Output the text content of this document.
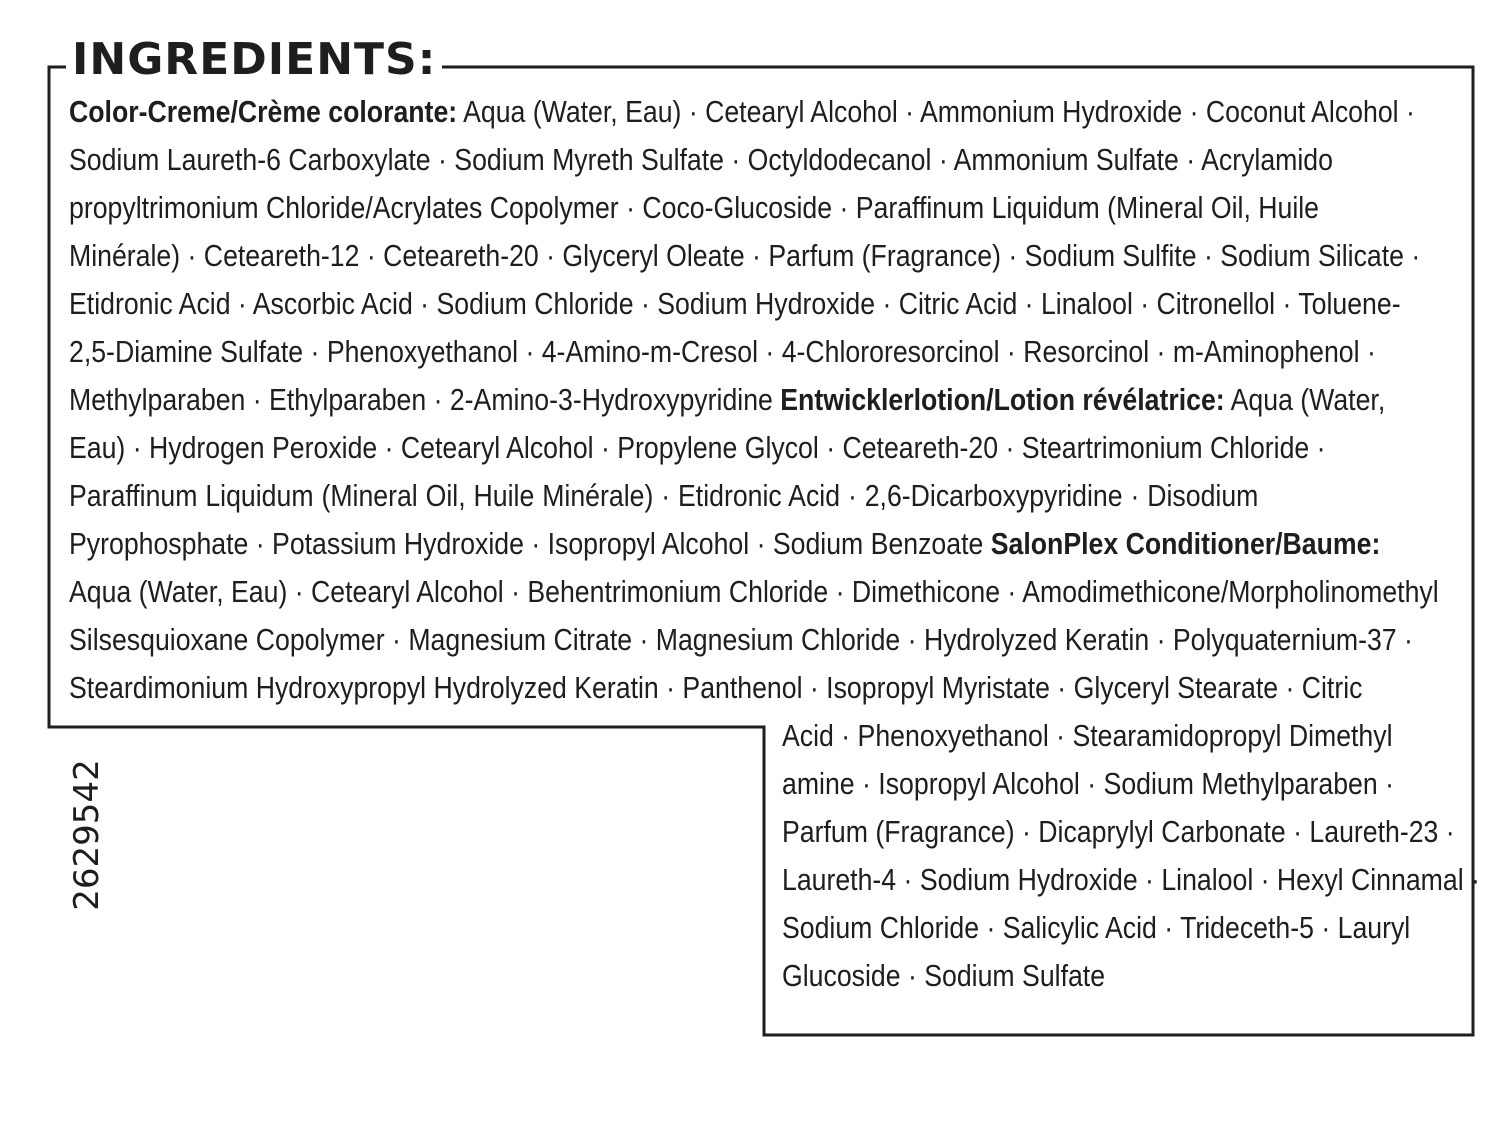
INGREDIENTS:
Color-Creme/Crème colorante: Aqua (Water, Eau) · Cetearyl Alcohol · Ammonium Hydroxide · Coconut Alcohol ·
Sodium Laureth-6 Carboxylate · Sodium Myreth Sulfate · Octyldodecanol · Ammonium Sulfate · Acrylamido
propyltrimonium Chloride/Acrylates Copolymer · Coco-Glucoside · Paraffinum Liquidum (Mineral Oil, Huile
Minérale) · Ceteareth-12 · Ceteareth-20 · Glyceryl Oleate · Parfum (Fragrance) · Sodium Sulfite · Sodium Silicate ·
Etidronic Acid · Ascorbic Acid · Sodium Chloride · Sodium Hydroxide · Citric Acid · Linalool · Citronellol · Toluene-
2,5-Diamine Sulfate · Phenoxyethanol · 4-Amino-m-Cresol · 4-Chlororesorcinol · Resorcinol · m-Aminophenol ·
Methylparaben · Ethylparaben · 2-Amino-3-Hydroxypyridine Entwicklerlotion/Lotion révélatrice: Aqua (Water,
Eau) · Hydrogen Peroxide · Cetearyl Alcohol · Propylene Glycol · Ceteareth-20 · Steartrimonium Chloride ·
Paraffinum Liquidum (Mineral Oil, Huile Minérale) · Etidronic Acid · 2,6-Dicarboxypyridine · Disodium
Pyrophosphate · Potassium Hydroxide · Isopropyl Alcohol · Sodium Benzoate SalonPlex Conditioner/Baume:
Aqua (Water, Eau) · Cetearyl Alcohol · Behentrimonium Chloride · Dimethicone · Amodimethicone/Morpholinomethyl
Silsesquioxane Copolymer · Magnesium Citrate · Magnesium Chloride · Hydrolyzed Keratin · Polyquaternium-37 ·
Steardimonium Hydroxypropyl Hydrolyzed Keratin · Panthenol · Isopropyl Myristate · Glyceryl Stearate · Citric
Acid · Phenoxyethanol · Stearamidopropyl Dimethyl
amine · Isopropyl Alcohol · Sodium Methylparaben ·
Parfum (Fragrance) · Dicaprylyl Carbonate · Laureth-23 ·
Laureth-4 · Sodium Hydroxide · Linalool · Hexyl Cinnamal ·
Sodium Chloride · Salicylic Acid · Trideceth-5 · Lauryl
Glucoside · Sodium Sulfate
2629542
